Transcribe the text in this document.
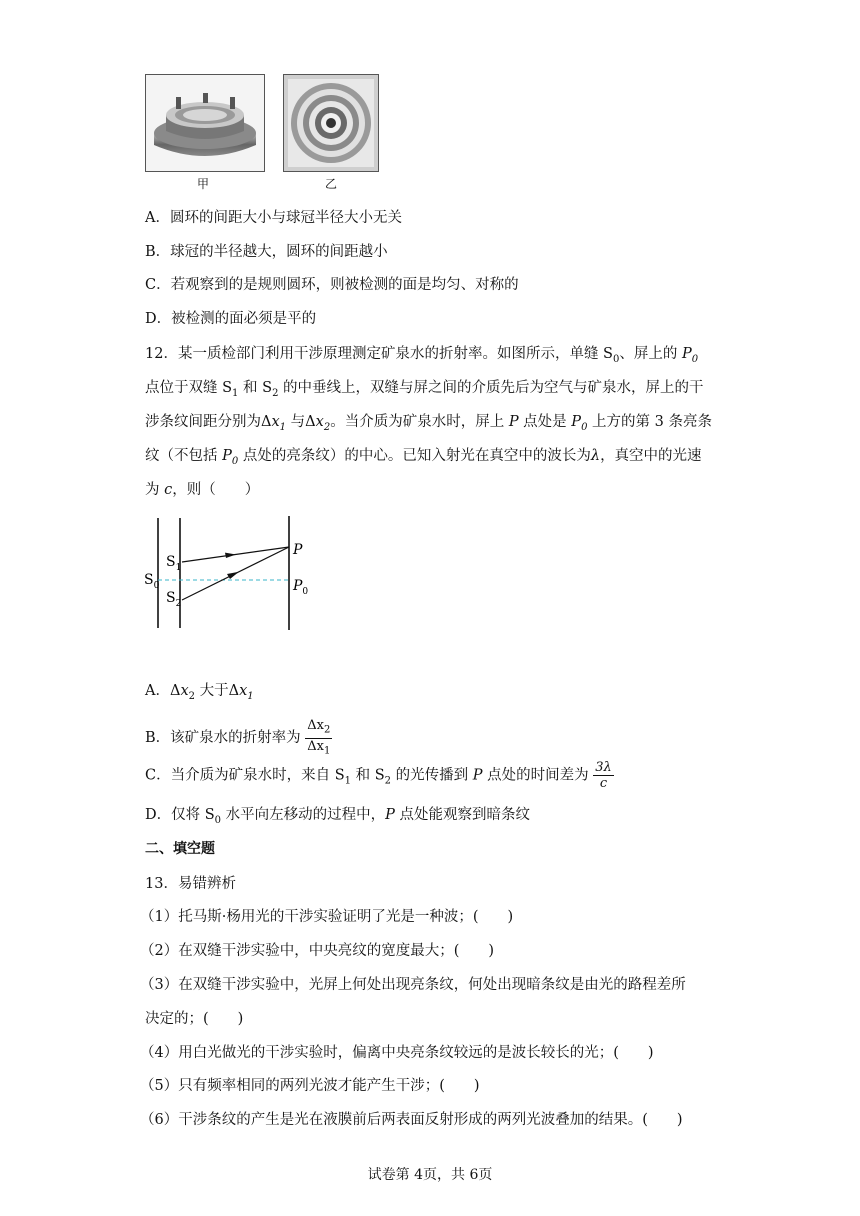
甲	乙
A．圆环的间距大小与球冠半径大小无关
B．球冠的半径越大，圆环的间距越小
C．若观察到的是规则圆环，则被检测的面是均匀、对称的
D．被检测的面必须是平的
12．某一质检部门利用干涉原理测定矿泉水的折射率。如图所示，单缝 $S_0$、屏上的 $P_0$
点位于双缝 $S_1$ 和 $S_2$ 的中垂线上，双缝与屏之间的介质先后为空气与矿泉水，屏上的干
涉条纹间距分别为$\Delta x_1$ 与$\Delta x_2$。当介质为矿泉水时，屏上 P 点处是 $P_0$ 上方的第 3 条亮条
纹（不包括 $P_0$ 点处的亮条纹）的中心。已知入射光在真空中的波长为λ，真空中的光速
为 c，则（　　）
$S_1$
$S_0$
$S_2$
P
$P_0$
A．$\Delta x_2$ 大于$\Delta x_1$
B．该矿泉水的折射率为 $\frac{\Delta x_2}{\Delta x_1}$
C．当介质为矿泉水时，来自 $S_1$ 和 $S_2$ 的光传播到 P 点处的时间差为 $\frac{3\lambda}{c}$
D．仅将 $S_0$ 水平向左移动的过程中，P 点处能观察到暗条纹
二、填空题
13．易错辨析
（1）托马斯·杨用光的干涉实验证明了光是一种波；(　　)
（2）在双缝干涉实验中，中央亮纹的宽度最大；(　　)
（3）在双缝干涉实验中，光屏上何处出现亮条纹，何处出现暗条纹是由光的路程差所
决定的；(　　)
（4）用白光做光的干涉实验时，偏离中央亮条纹较远的是波长较长的光；(　　)
（5）只有频率相同的两列光波才能产生干涉；(　　)
（6）干涉条纹的产生是光在液膜前后两表面反射形成的两列光波叠加的结果。(　　)
试卷第 4页，共 6页
